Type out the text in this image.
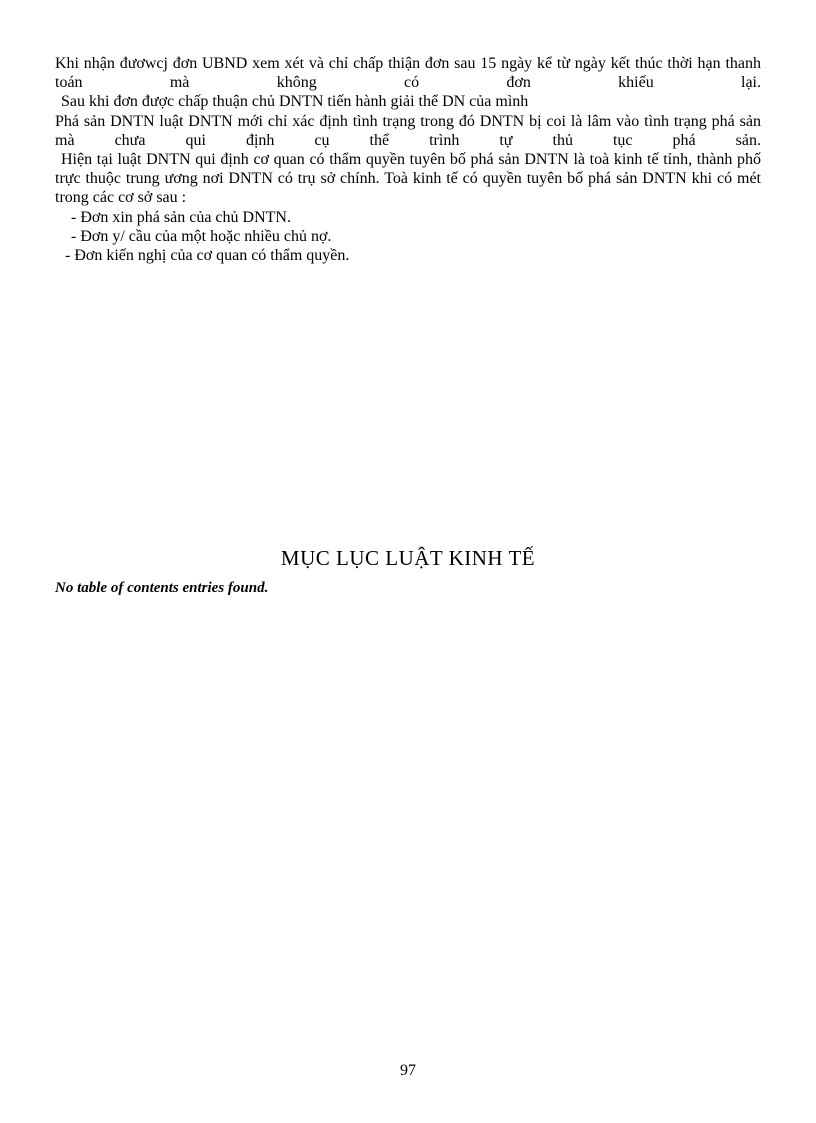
Khi nhận đươwcj đơn UBND xem xét và chỉ chấp thiận đơn sau 15 ngày kể từ ngày kết thúc thời hạn thanh toán mà không có đơn khiếu lại.

Sau khi đơn được chấp thuận chủ DNTN tiến hành giải thể DN của mình

Phá sản DNTN luật DNTN mới chỉ xác định tình trạng trong đó DNTN bị coi là lâm vào tình trạng phá sản mà chưa qui định cụ thể trình tự thủ tục phá sản.

Hiện tại luật DNTN qui định cơ quan có thẩm quyền tuyên bố phá sản DNTN là toà kinh tế tỉnh, thành phố trực thuộc trung ương nơi DNTN có trụ sở chính. Toà kinh tế có quyền tuyên bố phá sản DNTN khi có mét trong các cơ sở sau :

- Đơn xin phá sản của chủ DNTN.
- Đơn y/ cầu của một hoặc nhiều chủ nợ.
- Đơn kiến nghị của cơ quan có thẩm quyền.
MỤC LỤC LUẬT KINH TẾ

No table of contents entries found.

97
